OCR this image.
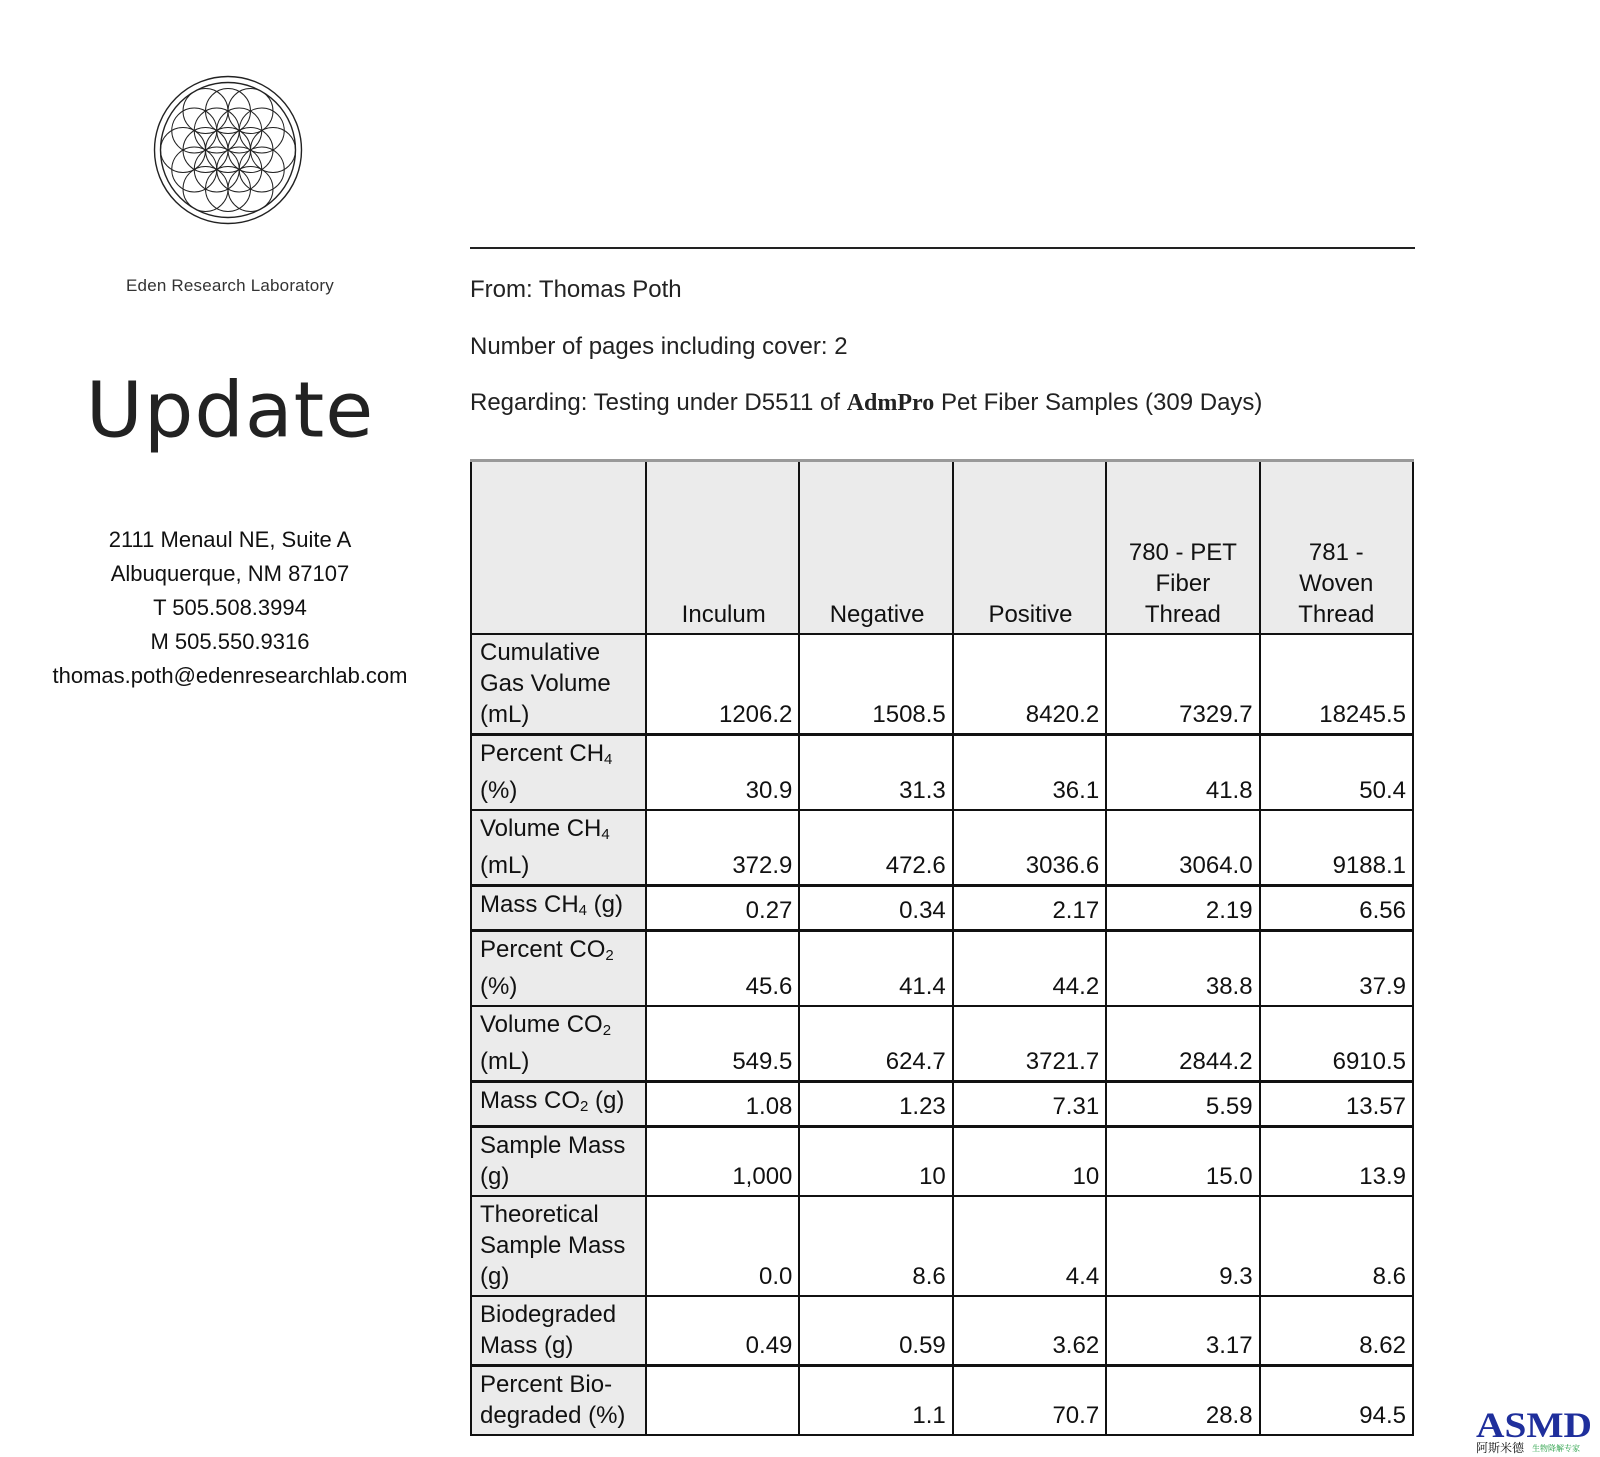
Eden Research Laboratory
Update
2111 Menaul NE, Suite A
Albuquerque, NM 87107
T 505.508.3994
M 505.550.9316
thomas.poth@edenresearchlab.com
From: Thomas Poth
Number of pages including cover: 2
Regarding: Testing under D5511 of AdmPro Pet Fiber Samples (309 Days)
	Inculum	Negative	Positive	780 - PET Fiber Thread	781 - Woven Thread
Cumulative Gas Volume (mL)	1206.2	1508.5	8420.2	7329.7	18245.5
Percent $CH_4$ (%)	30.9	31.3	36.1	41.8	50.4
Volume $CH_4$ (mL)	372.9	472.6	3036.6	3064.0	9188.1
Mass $CH_4$ (g)	0.27	0.34	2.17	2.19	6.56
Percent $CO_2$ (%)	45.6	41.4	44.2	38.8	37.9
Volume $CO_2$ (mL)	549.5	624.7	3721.7	2844.2	6910.5
Mass $CO_2$ (g)	1.08	1.23	7.31	5.59	13.57
Sample Mass (g)	1,000	10	10	15.0	13.9
Theoretical Sample Mass (g)	0.0	8.6	4.4	9.3	8.6
Biodegraded Mass (g)	0.49	0.59	3.62	3.17	8.62
Percent Bio-degraded (%)		1.1	70.7	28.8	94.5 ASMD
阿斯米德 生物降解专家
